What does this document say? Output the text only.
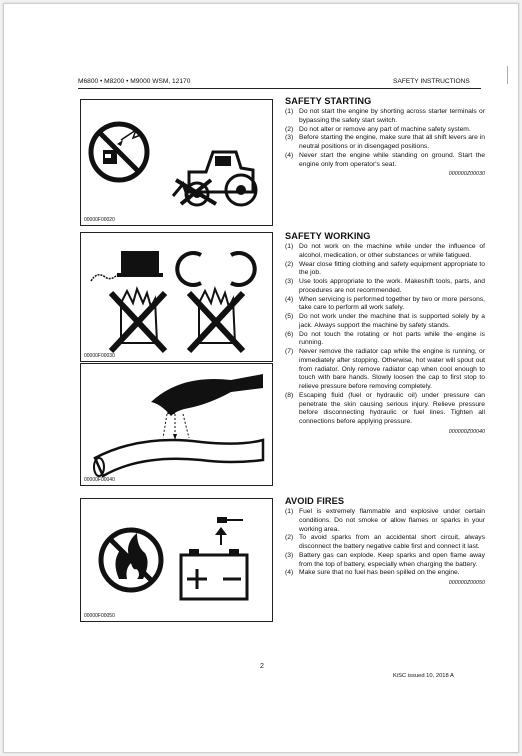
M6800 • M8200 • M9000 WSM, 12170	SAFETY INSTRUCTIONS
00000F00020
00000F00030
00000F00040
00000F00050
SAFETY STARTING
(1) Do not start the engine by shorting across starter terminals or bypassing the safety start switch.
(2) Do not alter or remove any part of machine safety system.
(3) Before starting the engine, make sure that all shift levers are in neutral positions or in disengaged positions.
(4) Never start the engine while standing on ground. Start the engine only from operator's seat.
000000Z00030
SAFETY WORKING
(1) Do not work on the machine while under the influence of alcohol, medication, or other substances or while fatigued.
(2) Wear close fitting clothing and safety equipment appropriate to the job.
(3) Use tools appropriate to the work. Makeshift tools, parts, and procedures are not recommended.
(4) When servicing is performed together by two or more persons, take care to perform all work safely.
(5) Do not work under the machine that is supported solely by a jack. Always support the machine by safety stands.
(6) Do not touch the rotating or hot parts while the engine is running.
(7) Never remove the radiator cap while the engine is running, or immediately after stopping. Otherwise, hot water will spout out from radiator. Only remove radiator cap when cool enough to touch with bare hands. Slowly loosen the cap to first stop to relieve pressure before removing completely.
(8) Escaping fluid (fuel or hydraulic oil) under pressure can penetrate the skin causing serious injury. Relieve pressure before disconnecting hydraulic or fuel lines. Tighten all connections before applying pressure.
000000Z00040
AVOID FIRES
(1) Fuel is extremely flammable and explosive under certain conditions. Do not smoke or allow flames or sparks in your working area.
(2) To avoid sparks from an accidental short circuit, always disconnect the battery negative cable first and connect it last.
(3) Battery gas can explode. Keep sparks and open flame away from the top of battery, especially when charging the battery.
(4) Make sure that no fuel has been spilled on the engine.
000000Z00050
2
KiSC issued 10, 2018 A
